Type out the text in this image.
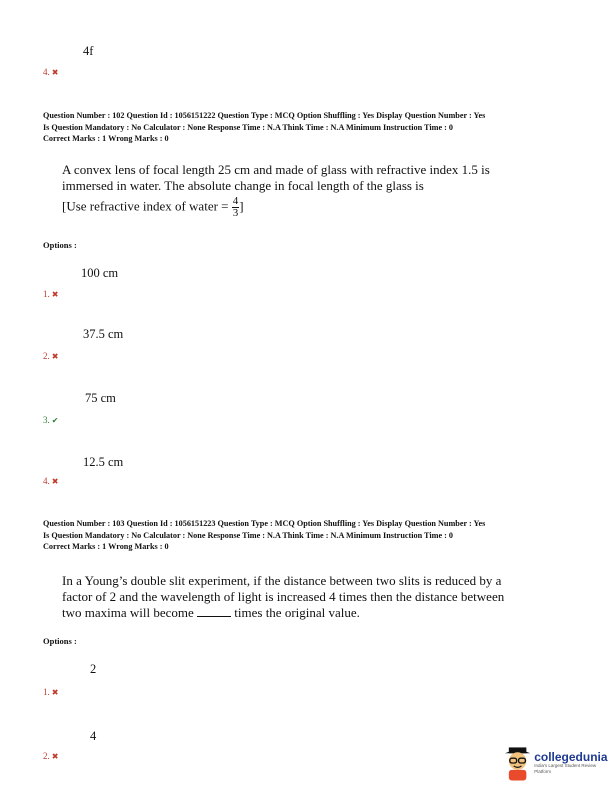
4f
4. ✖
Question Number : 102 Question Id : 1056151222 Question Type : MCQ Option Shuffling : Yes Display Question Number : Yes
Is Question Mandatory : No Calculator : None Response Time : N.A Think Time : N.A Minimum Instruction Time : 0
Correct Marks : 1 Wrong Marks : 0
A convex lens of focal length 25 cm and made of glass with refractive index 1.5 is
immersed in water. The absolute change in focal length of the glass is
[Use refractive index of water = $\frac{4}{3}$ ]
Options :
100 cm
1. ✖
37.5 cm
2. ✖
75 cm
3. ✔
12.5 cm
4. ✖
Question Number : 103 Question Id : 1056151223 Question Type : MCQ Option Shuffling : Yes Display Question Number : Yes
Is Question Mandatory : No Calculator : None Response Time : N.A Think Time : N.A Minimum Instruction Time : 0
Correct Marks : 1 Wrong Marks : 0
In a Young’s double slit experiment, if the distance between two slits is reduced by a
factor of 2 and the wavelength of light is increased 4 times then the distance between
two maxima will become	times the original value.
Options :
2
1. ✖
4
2. ✖	collegedunia
India's Largest Student Review Platform
